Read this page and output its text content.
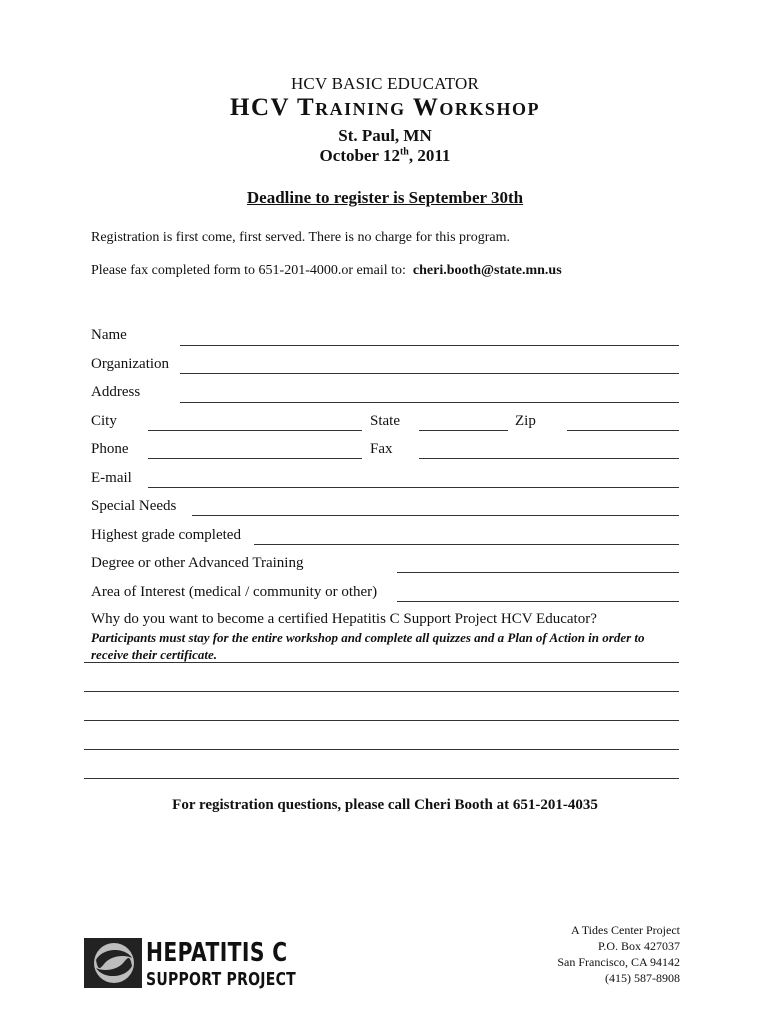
HCV BASIC EDUCATOR
HCV Training Workshop
St. Paul, MN
October 12th, 2011
Deadline to register is September 30th
Registration is first come, first served. There is no charge for this program.
Please fax completed form to 651-201-4000.or email to:  cheri.booth@state.mn.us
Name
Organization
Address
City	State	Zip
Phone	Fax
E-mail
Special Needs
Highest grade completed
Degree or other Advanced Training
Area of Interest (medical / community or other)
Why do you want to become a certified Hepatitis C Support Project HCV Educator?
Participants must stay for the entire workshop and complete all quizzes and a Plan of Action in order to receive their certificate.
For registration questions, please call Cheri Booth at 651-201-4035
HEPATITIS C
SUPPORT PROJECT
A Tides Center Project
P.O. Box 427037
San Francisco, CA 94142
(415) 587-8908
